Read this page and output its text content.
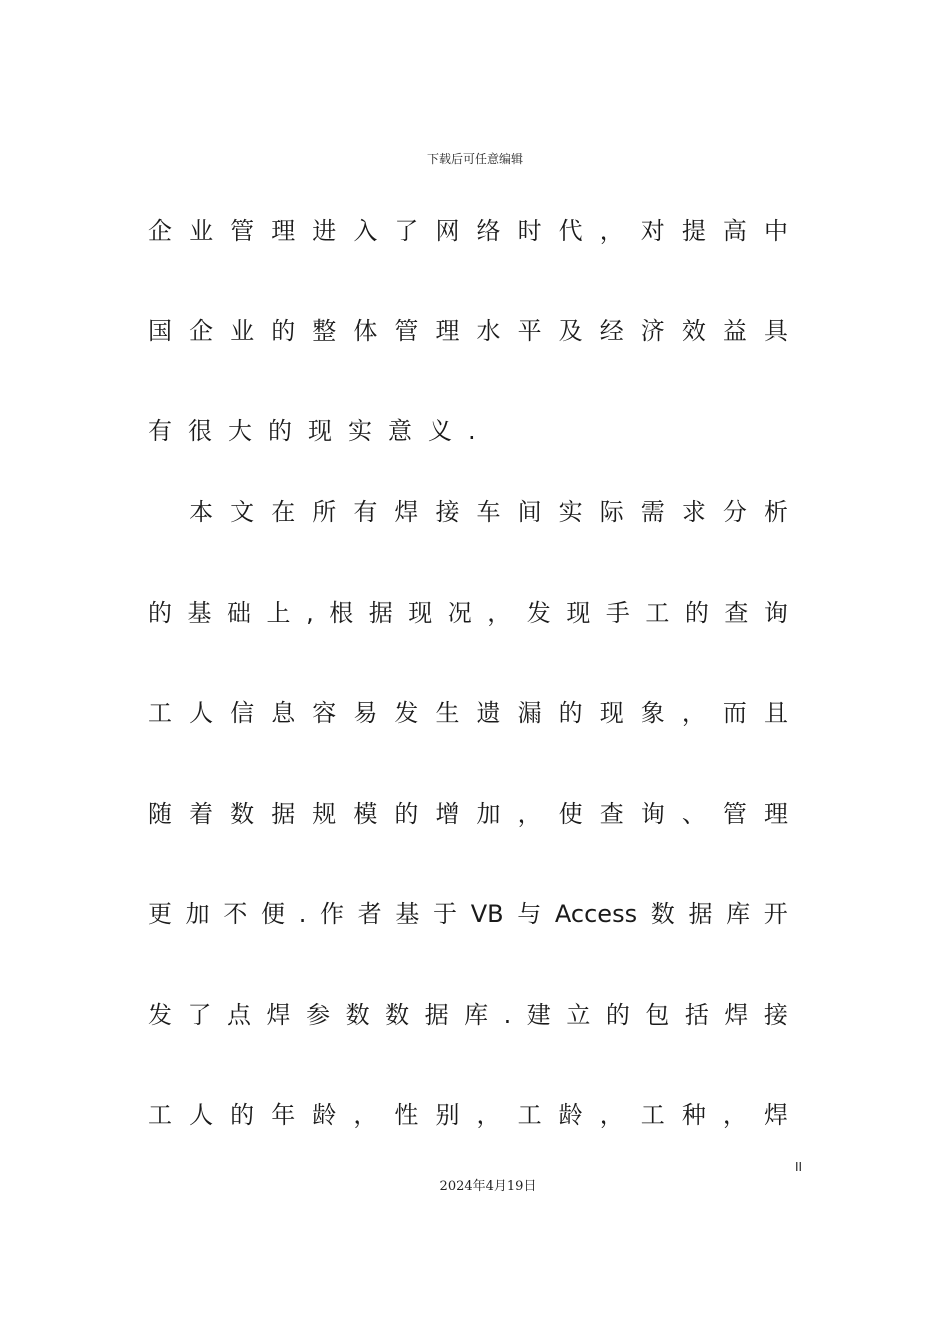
下载后可任意编辑
企 业 管 理 进 入 了 网 络 时 代 ， 对 提 高 中
国 企 业 的 整 体 管 理 水 平 及 经 济 效 益 具
有 很 大 的 现 实 意 义 .

本 文 在 所 有 焊 接 车 间 实 际 需 求 分 析
的 基 础 上 , 根 据 现 况 ， 发 现 手 工 的 查 询
工 人 信 息 容 易 发 生 遗 漏 的 现 象 ， 而 且
随 着 数 据 规 模 的 增 加 ， 使 查 询 、 管 理
更 加 不 便 . 作 者 基 于 VB 与 Access 数 据 库 开
发 了 点 焊 参 数 数 据 库 . 建 立 的 包 括 焊 接
工 人 的 年 龄 ， 性 别 ， 工 龄 ， 工 种 ， 焊
II
2024年4月19日
